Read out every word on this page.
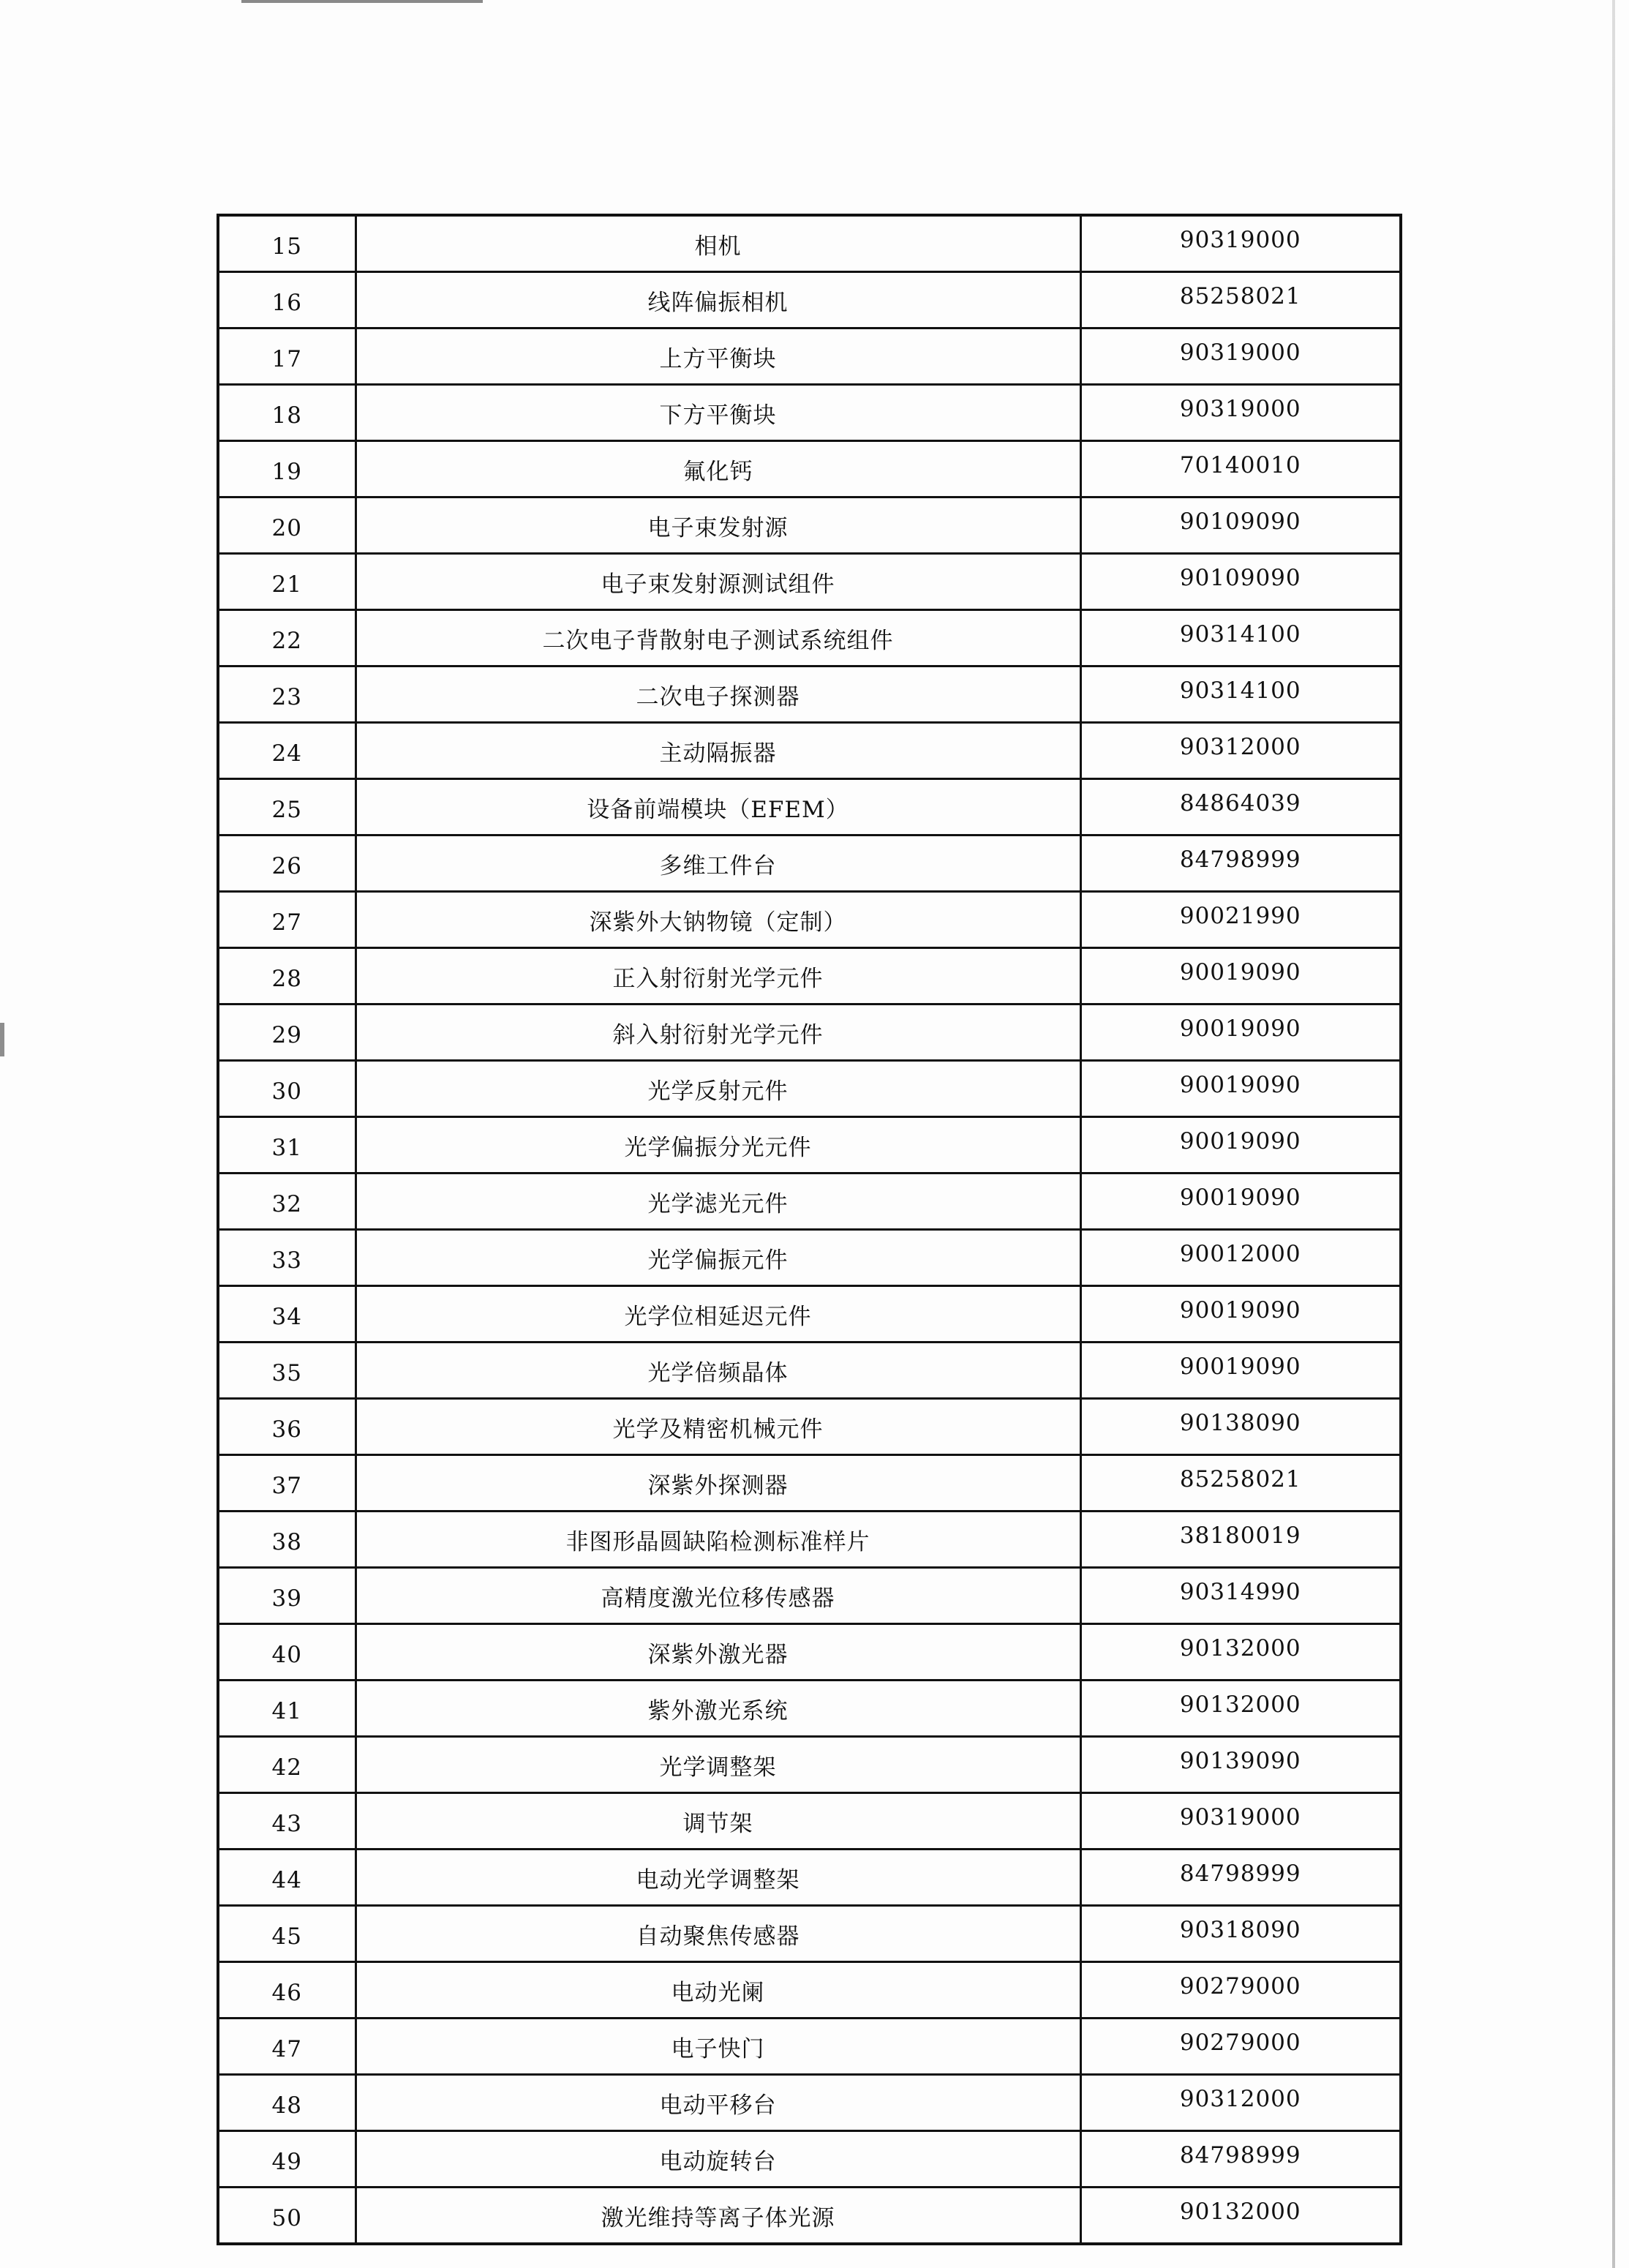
15	相机	90319000
16	线阵偏振相机	85258021
17	上方平衡块	90319000
18	下方平衡块	90319000
19	氟化钙	70140010
20	电子束发射源	90109090
21	电子束发射源测试组件	90109090
22	二次电子背散射电子测试系统组件	90314100
23	二次电子探测器	90314100
24	主动隔振器	90312000
25	设备前端模块（EFEM）	84864039
26	多维工件台	84798999
27	深紫外大钠物镜（定制）	90021990
28	正入射衍射光学元件	90019090
29	斜入射衍射光学元件	90019090
30	光学反射元件	90019090
31	光学偏振分光元件	90019090
32	光学滤光元件	90019090
33	光学偏振元件	90012000
34	光学位相延迟元件	90019090
35	光学倍频晶体	90019090
36	光学及精密机械元件	90138090
37	深紫外探测器	85258021
38	非图形晶圆缺陷检测标准样片	38180019
39	高精度激光位移传感器	90314990
40	深紫外激光器	90132000
41	紫外激光系统	90132000
42	光学调整架	90139090
43	调节架	90319000
44	电动光学调整架	84798999
45	自动聚焦传感器	90318090
46	电动光阑	90279000
47	电子快门	90279000
48	电动平移台	90312000
49	电动旋转台	84798999
50	激光维持等离子体光源	90132000
